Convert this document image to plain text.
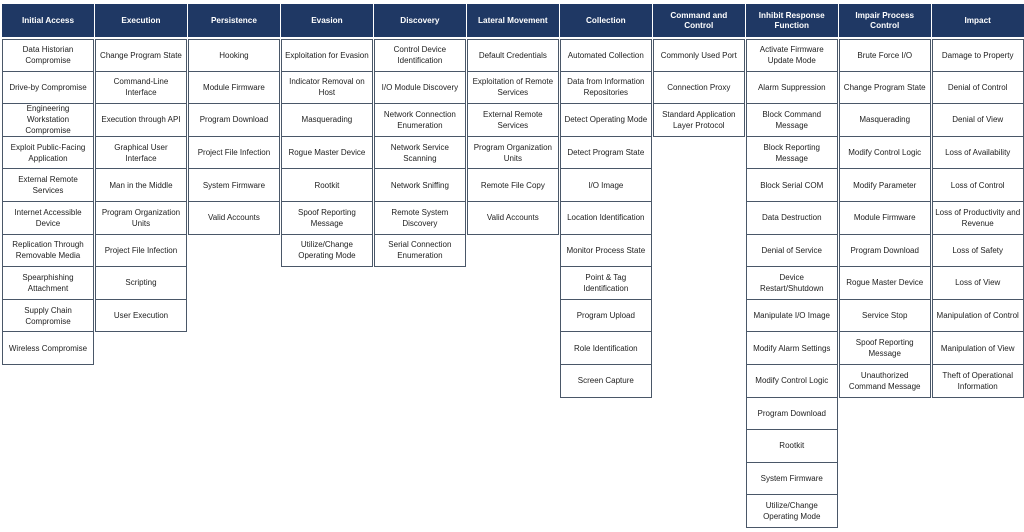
Initial Access
Data Historian Compromise
Drive-by Compromise
Engineering Workstation Compromise
Exploit Public-Facing Application
External Remote Services
Internet Accessible Device
Replication Through Removable Media
Spearphishing Attachment
Supply Chain Compromise
Wireless Compromise
Execution
Change Program State
Command-Line Interface
Execution through API
Graphical User Interface
Man in the Middle
Program Organization Units
Project File Infection
Scripting
User Execution
Persistence
Hooking
Module Firmware
Program Download
Project File Infection
System Firmware
Valid Accounts
Evasion
Exploitation for Evasion
Indicator Removal on Host
Masquerading
Rogue Master Device
Rootkit
Spoof Reporting Message
Utilize/Change Operating Mode
Discovery
Control Device Identification
I/O Module Discovery
Network Connection Enumeration
Network Service Scanning
Network Sniffing
Remote System Discovery
Serial Connection Enumeration
Lateral Movement
Default Credentials
Exploitation of Remote Services
External Remote Services
Program Organization Units
Remote File Copy
Valid Accounts
Collection
Automated Collection
Data from Information Repositories
Detect Operating Mode
Detect Program State
I/O Image
Location Identification
Monitor Process State
Point & Tag Identification
Program Upload
Role Identification
Screen Capture
Command and Control
Commonly Used Port
Connection Proxy
Standard Application Layer Protocol
Inhibit Response Function
Activate Firmware Update Mode
Alarm Suppression
Block Command Message
Block Reporting Message
Block Serial COM
Data Destruction
Denial of Service
Device Restart/Shutdown
Manipulate I/O Image
Modify Alarm Settings
Modify Control Logic
Program Download
Rootkit
System Firmware
Utilize/Change Operating Mode
Impair Process Control
Brute Force I/O
Change Program State
Masquerading
Modify Control Logic
Modify Parameter
Module Firmware
Program Download
Rogue Master Device
Service Stop
Spoof Reporting Message
Unauthorized Command Message
Impact
Damage to Property
Denial of Control
Denial of View
Loss of Availability
Loss of Control
Loss of Productivity and Revenue
Loss of Safety
Loss of View
Manipulation of Control
Manipulation of View
Theft of Operational Information
